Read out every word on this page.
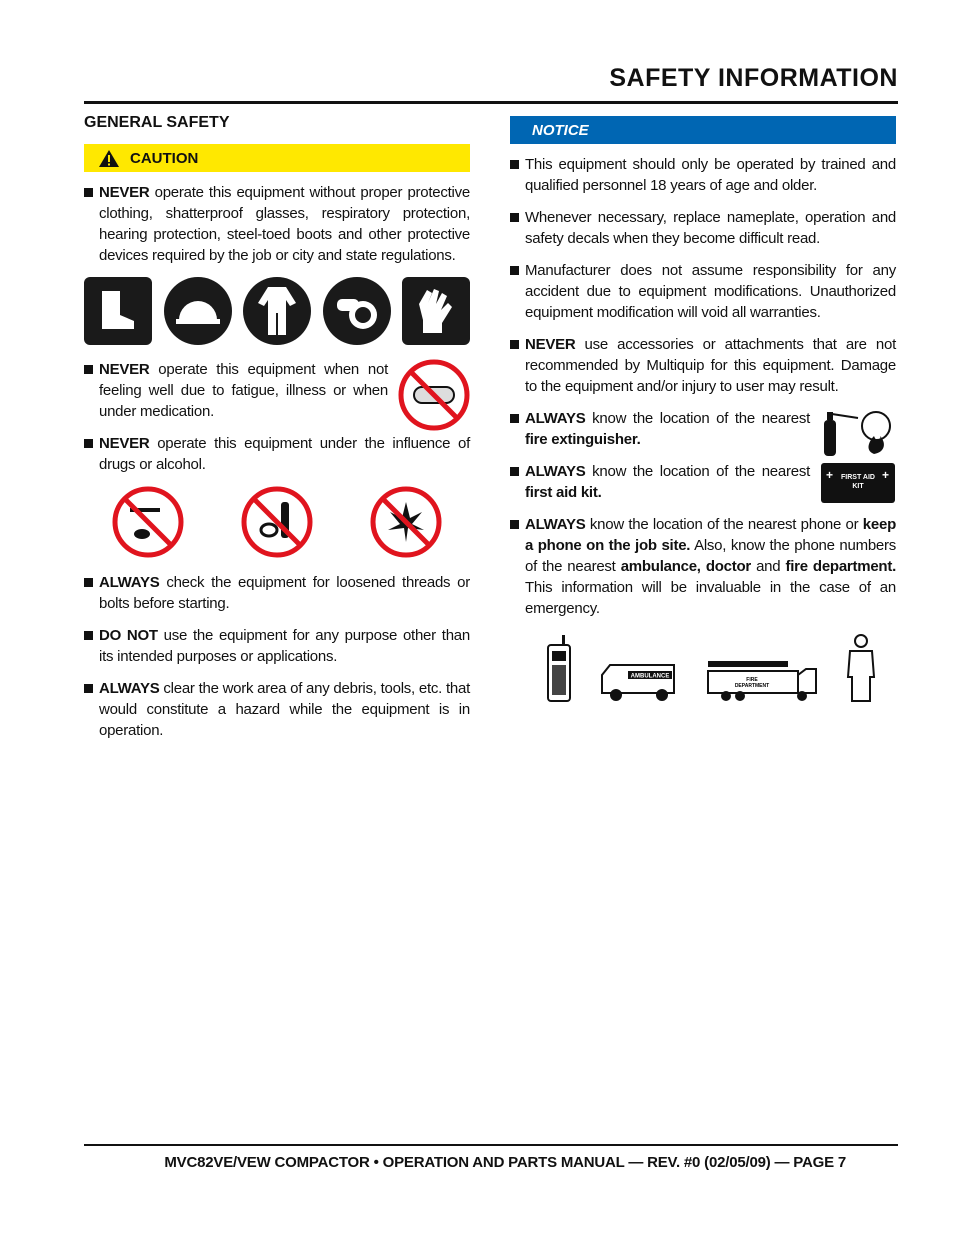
SAFETY INFORMATION
GENERAL SAFETY
CAUTION
NEVER operate this equipment without proper protective clothing, shatterproof glasses, respiratory protection, hearing protection, steel-toed boots and other protective devices required by the job or city and state regulations.
NEVER operate this equipment when not feeling well due to fatigue, illness or when under medication.
NEVER operate this equipment under the influence of drugs or alcohol.
ALWAYS check the equipment for loosened threads or bolts before starting.
DO NOT use the equipment for any purpose other than its intended purposes or applications.
ALWAYS clear the work area of any debris, tools, etc. that would constitute a hazard while the equipment is in operation.
NOTICE
This equipment should only be operated by trained and qualified personnel 18 years of age and older.
Whenever necessary, replace nameplate, operation and safety decals when they become difficult read.
Manufacturer does not assume responsibility for any accident due to equipment modifications. Unauthorized equipment modification will void all warranties.
NEVER use accessories or attachments that are not recommended by Multiquip for this equipment. Damage to the equipment and/or injury to user may result.
ALWAYS know the location of the nearest fire extinguisher.
ALWAYS know the location of the nearest first aid kit.
+	+
FIRST AID
KIT
ALWAYS know the location of the nearest phone or keep a phone on the job site. Also, know the phone numbers of the nearest ambulance, doctor and fire department. This information will be invaluable in the case of an emergency.
AMBULANCE
FIRE
DEPARTMENT
MVC82VE/VEW COMPACTOR • OPERATION AND PARTS MANUAL — REV. #0 (02/05/09) — PAGE 7
